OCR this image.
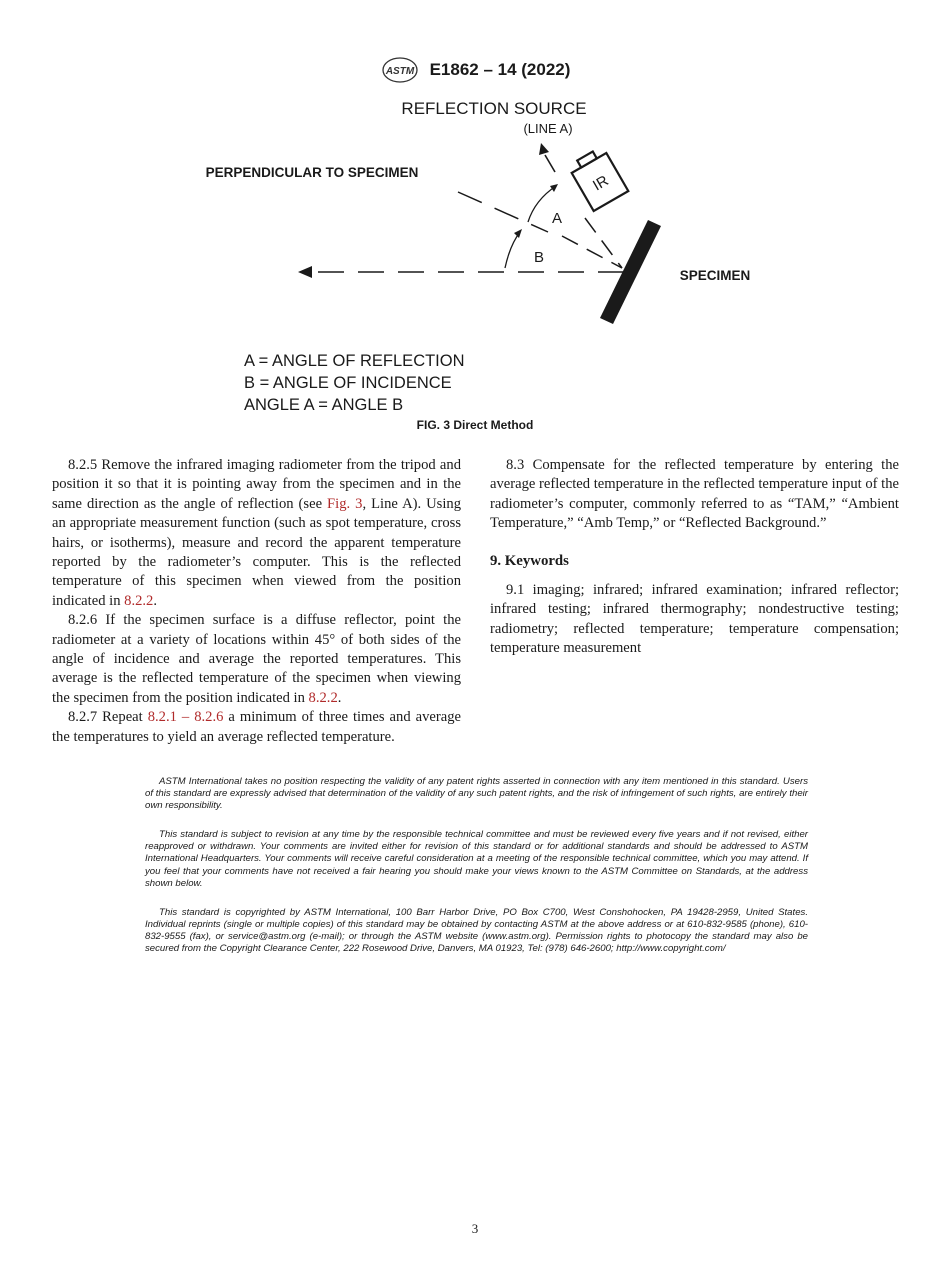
ASTM E1862 – 14 (2022)
REFLECTION SOURCE
(LINE A)
PERPENDICULAR TO SPECIMEN	IR
A
B
SPECIMEN
A = ANGLE OF REFLECTION
B = ANGLE OF INCIDENCE
ANGLE A = ANGLE B
FIG. 3 Direct Method

8.2.5 Remove the infrared imaging radiometer from the tripod and position it so that it is pointing away from the specimen and in the same direction as the angle of reflection (see Fig. 3, Line A). Using an appropriate measurement function (such as spot temperature, cross hairs, or isotherms), measure and record the apparent temperature reported by the radiometer’s computer. This is the reflected temperature of this specimen when viewed from the position indicated in 8.2.2.

8.2.6 If the specimen surface is a diffuse reflector, point the radiometer at a variety of locations within 45° of both sides of the angle of incidence and average the reported temperatures. This average is the reflected temperature of the specimen when viewing the specimen from the position indicated in 8.2.2.

8.2.7 Repeat 8.2.1 – 8.2.6 a minimum of three times and average the temperatures to yield an average reflected temperature.

8.3 Compensate for the reflected temperature by entering the average reflected temperature in the reflected temperature input of the radiometer’s computer, commonly referred to as “TAM,” “Ambient Temperature,” “Amb Temp,” or “Reflected Background.”

9. Keywords

9.1 imaging; infrared; infrared examination; infrared reflector; infrared testing; infrared thermography; nondestructive testing; radiometry; reflected temperature; temperature compensation; temperature measurement

ASTM International takes no position respecting the validity of any patent rights asserted in connection with any item mentioned in this standard. Users of this standard are expressly advised that determination of the validity of any such patent rights, and the risk of infringement of such rights, are entirely their own responsibility.

This standard is subject to revision at any time by the responsible technical committee and must be reviewed every five years and if not revised, either reapproved or withdrawn. Your comments are invited either for revision of this standard or for additional standards and should be addressed to ASTM International Headquarters. Your comments will receive careful consideration at a meeting of the responsible technical committee, which you may attend. If you feel that your comments have not received a fair hearing you should make your views known to the ASTM Committee on Standards, at the address shown below.

This standard is copyrighted by ASTM International, 100 Barr Harbor Drive, PO Box C700, West Conshohocken, PA 19428-2959, United States. Individual reprints (single or multiple copies) of this standard may be obtained by contacting ASTM at the above address or at 610-832-9585 (phone), 610-832-9555 (fax), or service@astm.org (e-mail); or through the ASTM website (www.astm.org). Permission rights to photocopy the standard may also be secured from the Copyright Clearance Center, 222 Rosewood Drive, Danvers, MA 01923, Tel: (978) 646-2600; http://www.copyright.com/

3
